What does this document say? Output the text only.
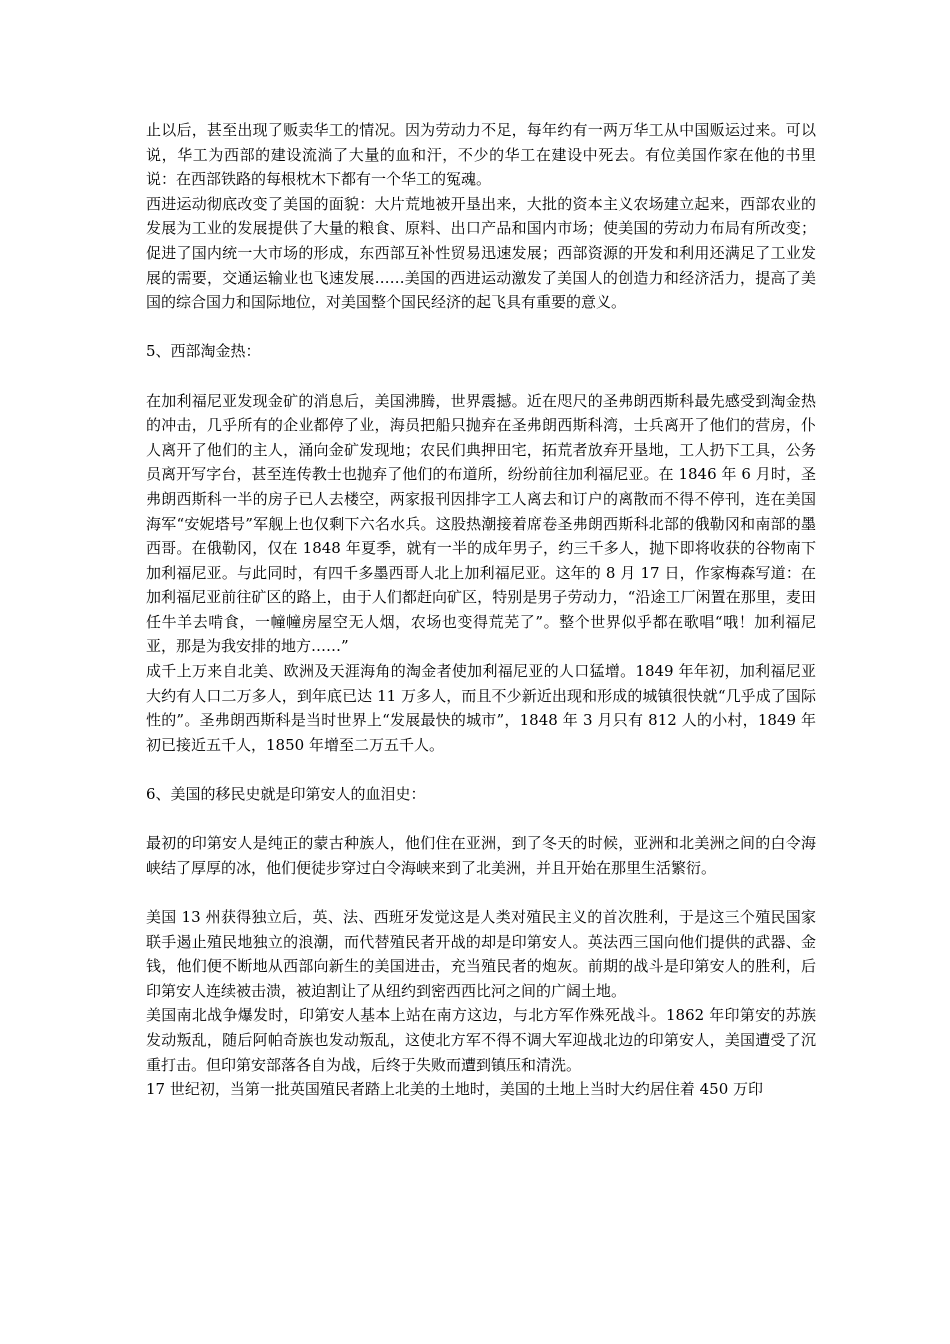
止以后，甚至出现了贩卖华工的情况。因为劳动力不足，每年约有一两万华工从中国贩运过来。可以说，华工为西部的建设流淌了大量的血和汗，不少的华工在建设中死去。有位美国作家在他的书里说：在西部铁路的每根枕木下都有一个华工的冤魂。

西进运动彻底改变了美国的面貌：大片荒地被开垦出来，大批的资本主义农场建立起来，西部农业的发展为工业的发展提供了大量的粮食、原料、出口产品和国内市场；使美国的劳动力布局有所改变；促进了国内统一大市场的形成，东西部互补性贸易迅速发展；西部资源的开发和利用还满足了工业发展的需要，交通运输业也飞速发展……美国的西进运动激发了美国人的创造力和经济活力，提高了美国的综合国力和国际地位，对美国整个国民经济的起飞具有重要的意义。

5、西部淘金热：

在加利福尼亚发现金矿的消息后，美国沸腾，世界震撼。近在咫尺的圣弗朗西斯科最先感受到淘金热的冲击，几乎所有的企业都停了业，海员把船只抛弃在圣弗朗西斯科湾，士兵离开了他们的营房，仆人离开了他们的主人，涌向金矿发现地；农民们典押田宅，拓荒者放弃开垦地，工人扔下工具，公务员离开写字台，甚至连传教士也抛弃了他们的布道所，纷纷前往加利福尼亚。在 1846 年 6 月时，圣弗朗西斯科一半的房子已人去楼空，两家报刊因排字工人离去和订户的离散而不得不停刊，连在美国海军“安妮塔号”军舰上也仅剩下六名水兵。这股热潮接着席卷圣弗朗西斯科北部的俄勒冈和南部的墨西哥。在俄勒冈，仅在 1848 年夏季，就有一半的成年男子，约三千多人，抛下即将收获的谷物南下加利福尼亚。与此同时，有四千多墨西哥人北上加利福尼亚。这年的 8 月 17 日，作家梅森写道：在加利福尼亚前往矿区的路上，由于人们都赶向矿区，特别是男子劳动力，“沿途工厂闲置在那里，麦田任牛羊去啃食，一幢幢房屋空无人烟，农场也变得荒芜了”。整个世界似乎都在歌唱“哦！加利福尼亚，那是为我安排的地方……”

成千上万来自北美、欧洲及天涯海角的淘金者使加利福尼亚的人口猛增。1849 年年初，加利福尼亚大约有人口二万多人，到年底已达 11 万多人，而且不少新近出现和形成的城镇很快就“几乎成了国际性的”。圣弗朗西斯科是当时世界上“发展最快的城市”，1848 年 3 月只有 812 人的小村，1849 年初已接近五千人，1850 年增至二万五千人。

6、美国的移民史就是印第安人的血泪史：

最初的印第安人是纯正的蒙古种族人，他们住在亚洲，到了冬天的时候，亚洲和北美洲之间的白令海峡结了厚厚的冰，他们便徒步穿过白令海峡来到了北美洲，并且开始在那里生活繁衍。

美国 13 州获得独立后，英、法、西班牙发觉这是人类对殖民主义的首次胜利，于是这三个殖民国家联手遏止殖民地独立的浪潮，而代替殖民者开战的却是印第安人。英法西三国向他们提供的武器、金钱，他们便不断地从西部向新生的美国进击，充当殖民者的炮灰。前期的战斗是印第安人的胜利，后印第安人连续被击溃，被迫割让了从纽约到密西西比河之间的广阔土地。

美国南北战争爆发时，印第安人基本上站在南方这边，与北方军作殊死战斗。1862 年印第安的苏族发动叛乱，随后阿帕奇族也发动叛乱，这使北方军不得不调大军迎战北边的印第安人，美国遭受了沉重打击。但印第安部落各自为战，后终于失败而遭到镇压和清洗。

17 世纪初，当第一批英国殖民者踏上北美的土地时，美国的土地上当时大约居住着 450 万印
